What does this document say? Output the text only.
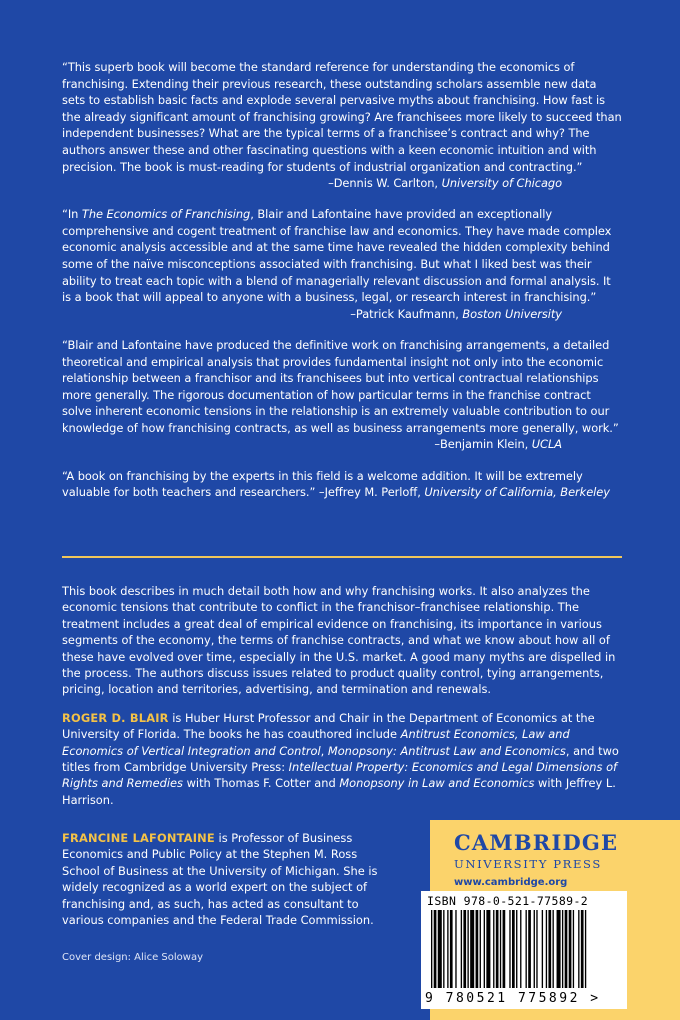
“This superb book will become the standard reference for understanding the economics of franchising. Extending their previous research, these outstanding scholars assemble new data sets to establish basic facts and explode several pervasive myths about franchising. How fast is the already significant amount of franchising growing? Are franchisees more likely to succeed than independent businesses? What are the typical terms of a franchisee’s contract and why? The authors answer these and other fascinating questions with a keen economic intuition and with precision. The book is must-reading for students of industrial organization and contracting.”
–Dennis W. Carlton, University of Chicago

“In The Economics of Franchising, Blair and Lafontaine have provided an exceptionally comprehensive and cogent treatment of franchise law and economics. They have made complex economic analysis accessible and at the same time have revealed the hidden complexity behind some of the naïve misconceptions associated with franchising. But what I liked best was their ability to treat each topic with a blend of managerially relevant discussion and formal analysis. It is a book that will appeal to anyone with a business, legal, or research interest in franchising.”
–Patrick Kaufmann, Boston University

“Blair and Lafontaine have produced the definitive work on franchising arrangements, a detailed theoretical and empirical analysis that provides fundamental insight not only into the economic relationship between a franchisor and its franchisees but into vertical contractual relationships more generally. The rigorous documentation of how particular terms in the franchise contract solve inherent economic tensions in the relationship is an extremely valuable contribution to our knowledge of how franchising contracts, as well as business arrangements more generally, work.”
–Benjamin Klein, UCLA

“A book on franchising by the experts in this field is a welcome addition. It will be extremely valuable for both teachers and researchers.” –Jeffrey M. Perloff, University of California, Berkeley

This book describes in much detail both how and why franchising works. It also analyzes the economic tensions that contribute to conflict in the franchisor–franchisee relationship. The treatment includes a great deal of empirical evidence on franchising, its importance in various segments of the economy, the terms of franchise contracts, and what we know about how all of these have evolved over time, especially in the U.S. market. A good many myths are dispelled in the process. The authors discuss issues related to product quality control, tying arrangements, pricing, location and territories, advertising, and termination and renewals.

ROGER D. BLAIR is Huber Hurst Professor and Chair in the Department of Economics at the University of Florida. The books he has coauthored include Antitrust Economics, Law and Economics of Vertical Integration and Control, Monopsony: Antitrust Law and Economics, and two titles from Cambridge University Press: Intellectual Property: Economics and Legal Dimensions of Rights and Remedies with Thomas F. Cotter and Monopsony in Law and Economics with Jeffrey L. Harrison.

FRANCINE LAFONTAINE is Professor of Business Economics and Public Policy at the Stephen M. Ross School of Business at the University of Michigan. She is widely recognized as a world expert on the subject of franchising and, as such, has acted as consultant to various companies and the Federal Trade Commission.
Cover design: Alice Soloway
CAMBRIDGE
UNIVERSITY PRESS
www.cambridge.org
ISBN 978-0-521-77589-2
9 780521 775892 >
